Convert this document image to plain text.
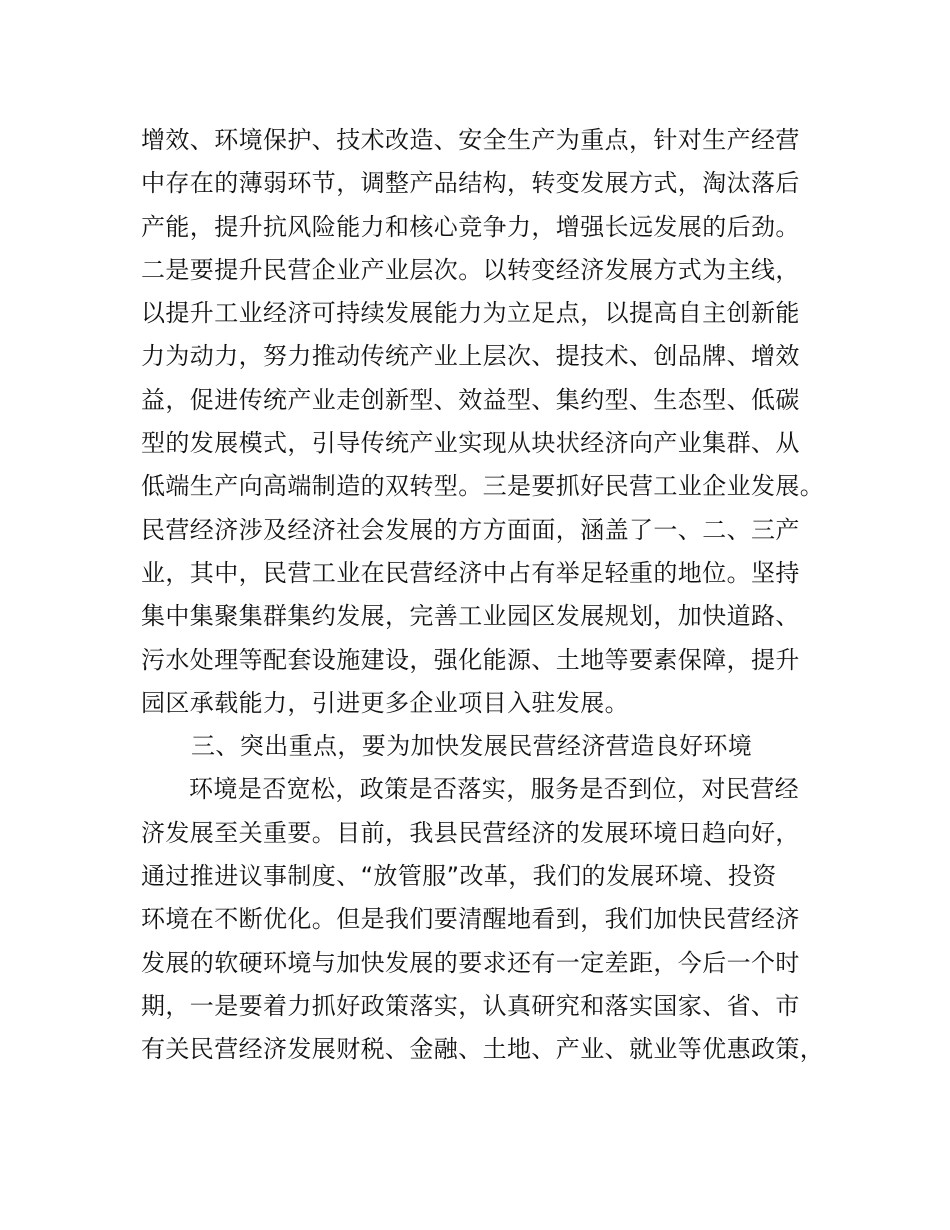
增效、环境保护、技术改造、安全生产为重点，针对生产经营
中存在的薄弱环节，调整产品结构，转变发展方式，淘汰落后
产能，提升抗风险能力和核心竞争力，增强长远发展的后劲。
二是要提升民营企业产业层次。以转变经济发展方式为主线，
以提升工业经济可持续发展能力为立足点，以提高自主创新能
力为动力，努力推动传统产业上层次、提技术、创品牌、增效
益，促进传统产业走创新型、效益型、集约型、生态型、低碳
型的发展模式，引导传统产业实现从块状经济向产业集群、从
低端生产向高端制造的双转型。三是要抓好民营工业企业发展。
民营经济涉及经济社会发展的方方面面，涵盖了一、二、三产
业，其中，民营工业在民营经济中占有举足轻重的地位。坚持
集中集聚集群集约发展，完善工业园区发展规划，加快道路、
污水处理等配套设施建设，强化能源、土地等要素保障，提升
园区承载能力，引进更多企业项目入驻发展。
三、突出重点，要为加快发展民营经济营造良好环境
环境是否宽松，政策是否落实，服务是否到位，对民营经
济发展至关重要。目前，我县民营经济的发展环境日趋向好，
通过推进议事制度、“放管服”改革，我们的发展环境、投资
环境在不断优化。但是我们要清醒地看到，我们加快民营经济
发展的软硬环境与加快发展的要求还有一定差距，今后一个时
期，一是要着力抓好政策落实，认真研究和落实国家、省、市
有关民营经济发展财税、金融、土地、产业、就业等优惠政策，
